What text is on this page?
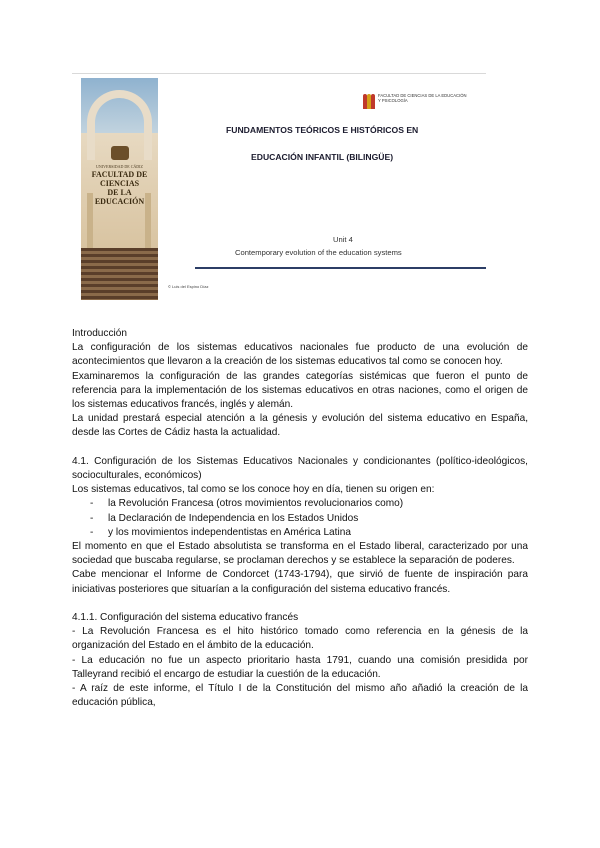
UNIVERSIDAD DE CÁDIZ
FACULTAD DE CIENCIAS
DE LA EDUCACIÓN
© Luis del Espino Díaz
FACULTAD DE CIENCIAS DE LA EDUCACIÓN Y PSICOLOGÍA
FUNDAMENTOS TEÓRICOS E HISTÓRICOS EN
EDUCACIÓN INFANTIL (BILINGÜE)
Unit 4
Contemporary evolution of the education systems

Introducción

La configuración de los sistemas educativos nacionales fue producto de una evolución de acontecimientos que llevaron a la creación de los sistemas educativos tal como se conocen hoy.

Examinaremos la configuración de las grandes categorías sistémicas que fueron el punto de referencia para la implementación de los sistemas educativos en otras naciones, como el origen de los sistemas educativos francés, inglés y alemán.

La unidad prestará especial atención a la génesis y evolución del sistema educativo en España, desde las Cortes de Cádiz hasta la actualidad.

4.1. Configuración de los Sistemas Educativos Nacionales y condicionantes (político-ideológicos, socioculturales, económicos)

Los sistemas educativos, tal como se los conoce hoy en día, tienen su origen en:

- la Revolución Francesa (otros movimientos revolucionarios como)
- la Declaración de Independencia en los Estados Unidos
- y los movimientos independentistas en América Latina

El momento en que el Estado absolutista se transforma en el Estado liberal, caracterizado por una sociedad que buscaba regularse, se proclaman derechos y se establece la separación de poderes.

Cabe mencionar el Informe de Condorcet (1743-1794), que sirvió de fuente de inspiración para iniciativas posteriores que situarían a la configuración del sistema educativo francés.

4.1.1. Configuración del sistema educativo francés

- La Revolución Francesa es el hito histórico tomado como referencia en la génesis de la organización del Estado en el ámbito de la educación.

- La educación no fue un aspecto prioritario hasta 1791, cuando una comisión presidida por Talleyrand recibió el encargo de estudiar la cuestión de la educación.

- A raíz de este informe, el Título I de la Constitución del mismo año añadió la creación de la educación pública,
